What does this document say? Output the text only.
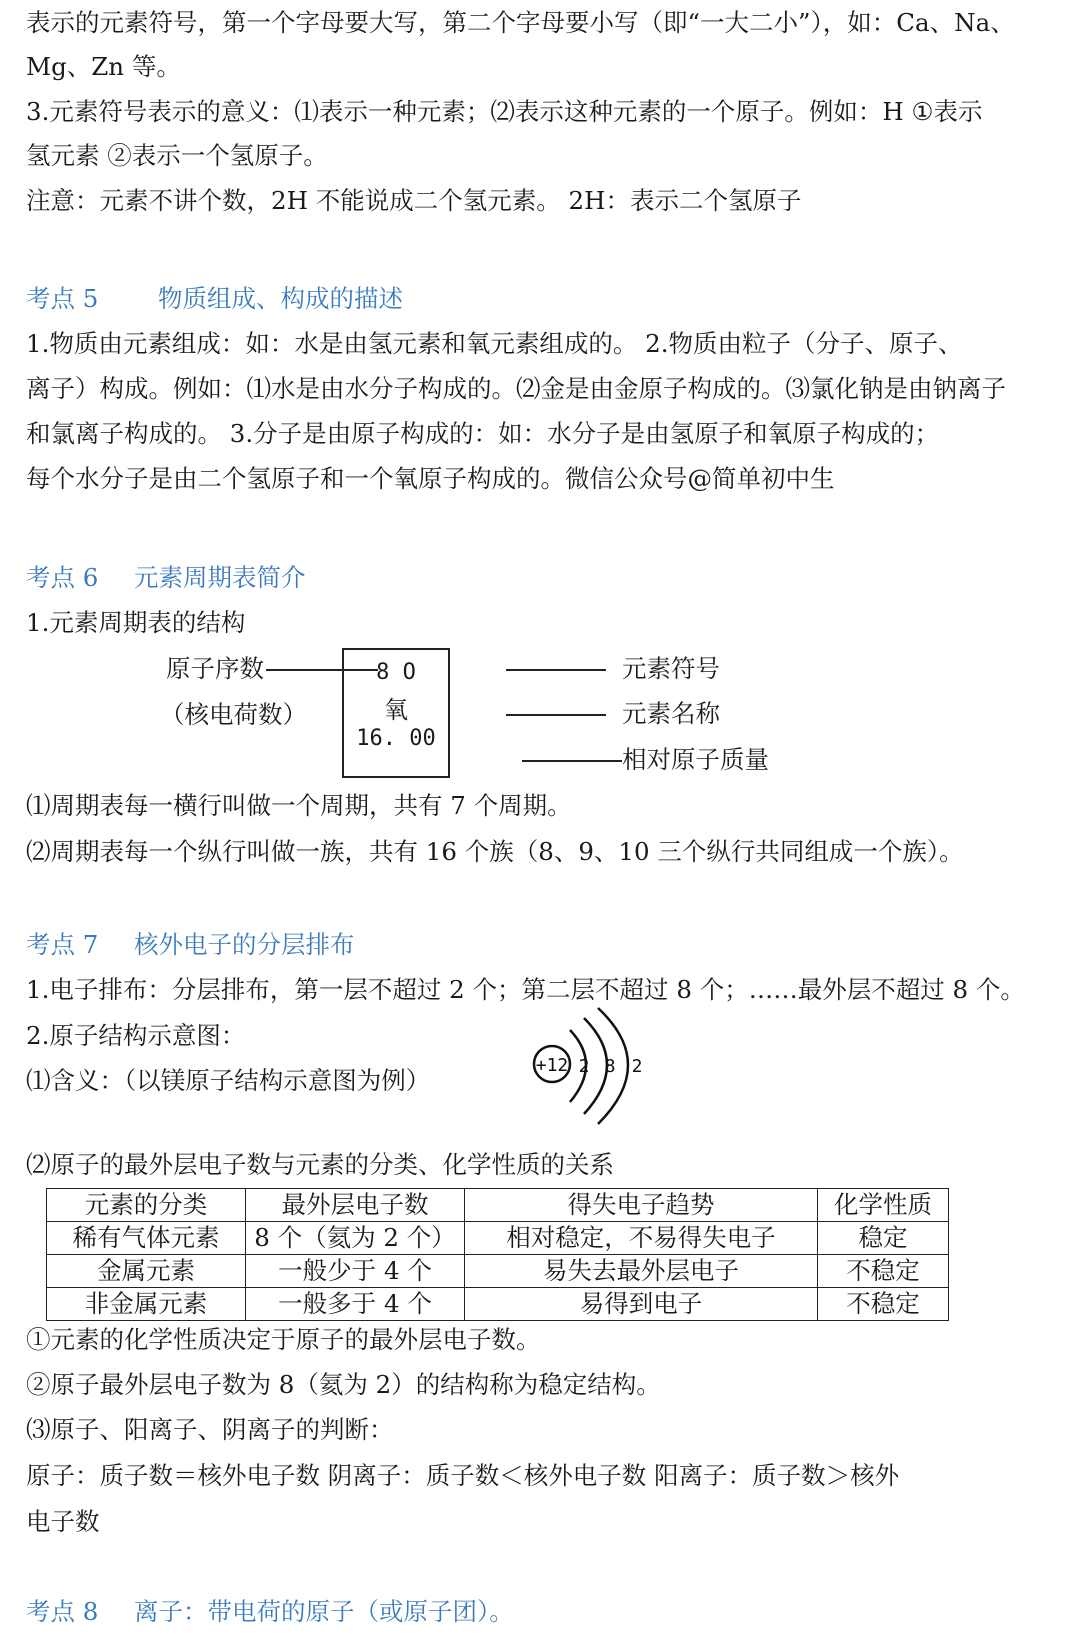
表示的元素符号，第一个字母要大写，第二个字母要小写（即“一大二小”），如：Ca、Na、
Mg、Zn 等。
3.元素符号表示的意义：⑴表示一种元素；⑵表示这种元素的一个原子。例如：H ①表示
氢元素 ②表示一个氢原子。
注意：元素不讲个数，2H 不能说成二个氢元素。 2H：表示二个氢原子
考点 5 物质组成、构成的描述
1.物质由元素组成：如：水是由氢元素和氧元素组成的。 2.物质由粒子（分子、原子、
离子）构成。例如：⑴水是由水分子构成的。⑵金是由金原子构成的。⑶氯化钠是由钠离子
和氯离子构成的。 3.分子是由原子构成的：如：水分子是由氢原子和氧原子构成的；
每个水分子是由二个氢原子和一个氧原子构成的。微信公众号@简单初中生
考点 6 元素周期表简介
1.元素周期表的结构
原子序数
（核电荷数）
8 O
氧
16. 00
元素符号
元素名称
相对原子质量
⑴周期表每一横行叫做一个周期，共有 7 个周期。
⑵周期表每一个纵行叫做一族，共有 16 个族（8、9、10 三个纵行共同组成一个族）。
考点 7 核外电子的分层排布
1.电子排布：分层排布，第一层不超过 2 个；第二层不超过 8 个；……最外层不超过 8 个。
2.原子结构示意图：
⑴含义：（以镁原子结构示意图为例）
+12 2 8 2
⑵原子的最外层电子数与元素的分类、化学性质的关系
元素的分类	最外层电子数	得失电子趋势	化学性质
稀有气体元素	8 个（氦为 2 个）	相对稳定，不易得失电子	稳定
金属元素	一般少于 4 个	易失去最外层电子	不稳定
非金属元素	一般多于 4 个	易得到电子	不稳定
①元素的化学性质决定于原子的最外层电子数。
②原子最外层电子数为 8（氦为 2）的结构称为稳定结构。
⑶原子、阳离子、阴离子的判断：
原子：质子数＝核外电子数 阴离子：质子数＜核外电子数 阳离子：质子数＞核外
电子数
考点 8 离子：带电荷的原子（或原子团）。
